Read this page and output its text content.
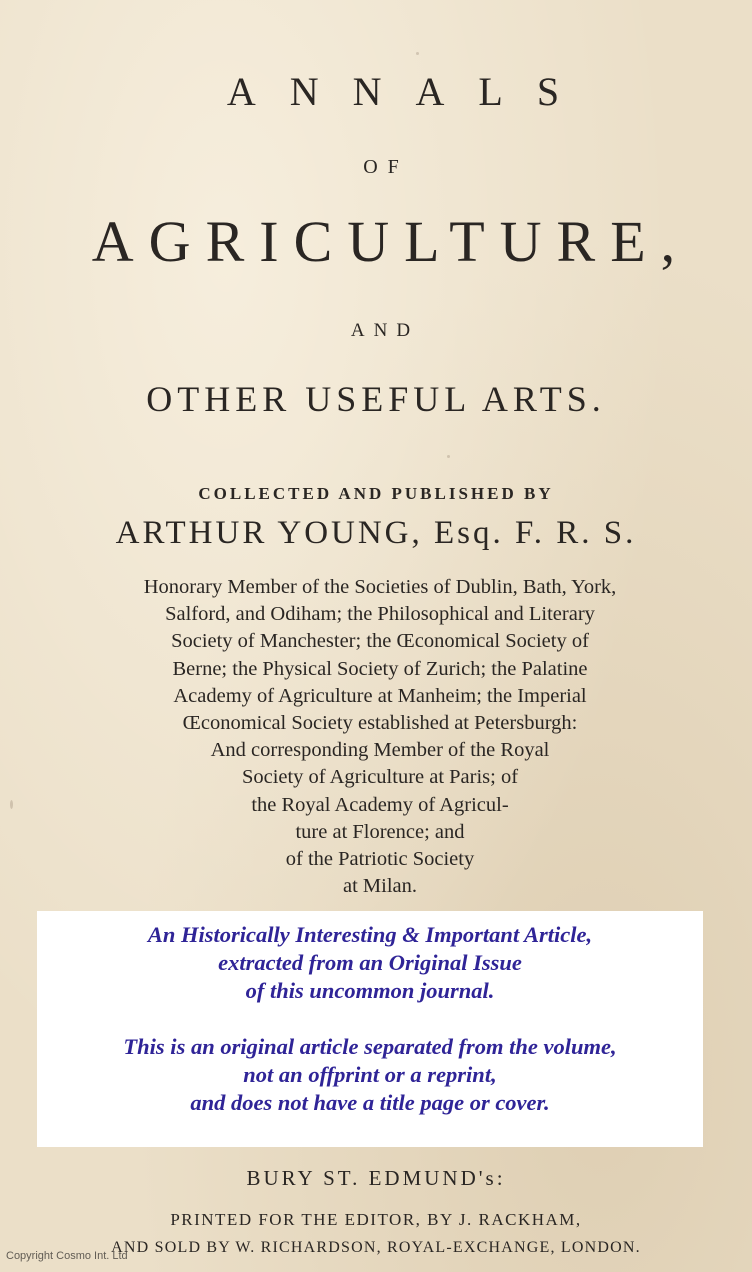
ANNALS
OF
AGRICULTURE,
AND
OTHER USEFUL ARTS.
COLLECTED AND PUBLISHED BY
ARTHUR YOUNG, Esq. F. R. S.
Honorary Member of the Societies of Dublin, Bath, York,
Salford, and Odiham; the Philosophical and Literary
Society of Manchester; the Œconomical Society of
Berne; the Physical Society of Zurich; the Palatine
Academy of Agriculture at Manheim; the Imperial
Œconomical Society established at Petersburgh:
And corresponding Member of the Royal
Society of Agriculture at Paris; of
the Royal Academy of Agricul-
ture at Florence; and
of the Patriotic Society
at Milan.
An Historically Interesting & Important Article,
extracted from an Original Issue
of this uncommon journal.
This is an original article separated from the volume,
not an offprint or a reprint,
and does not have a title page or cover.
BURY ST. EDMUND's:
PRINTED FOR THE EDITOR, BY J. RACKHAM,
AND SOLD BY W. RICHARDSON, ROYAL-EXCHANGE, LONDON.
Copyright Cosmo Int. Ltd
